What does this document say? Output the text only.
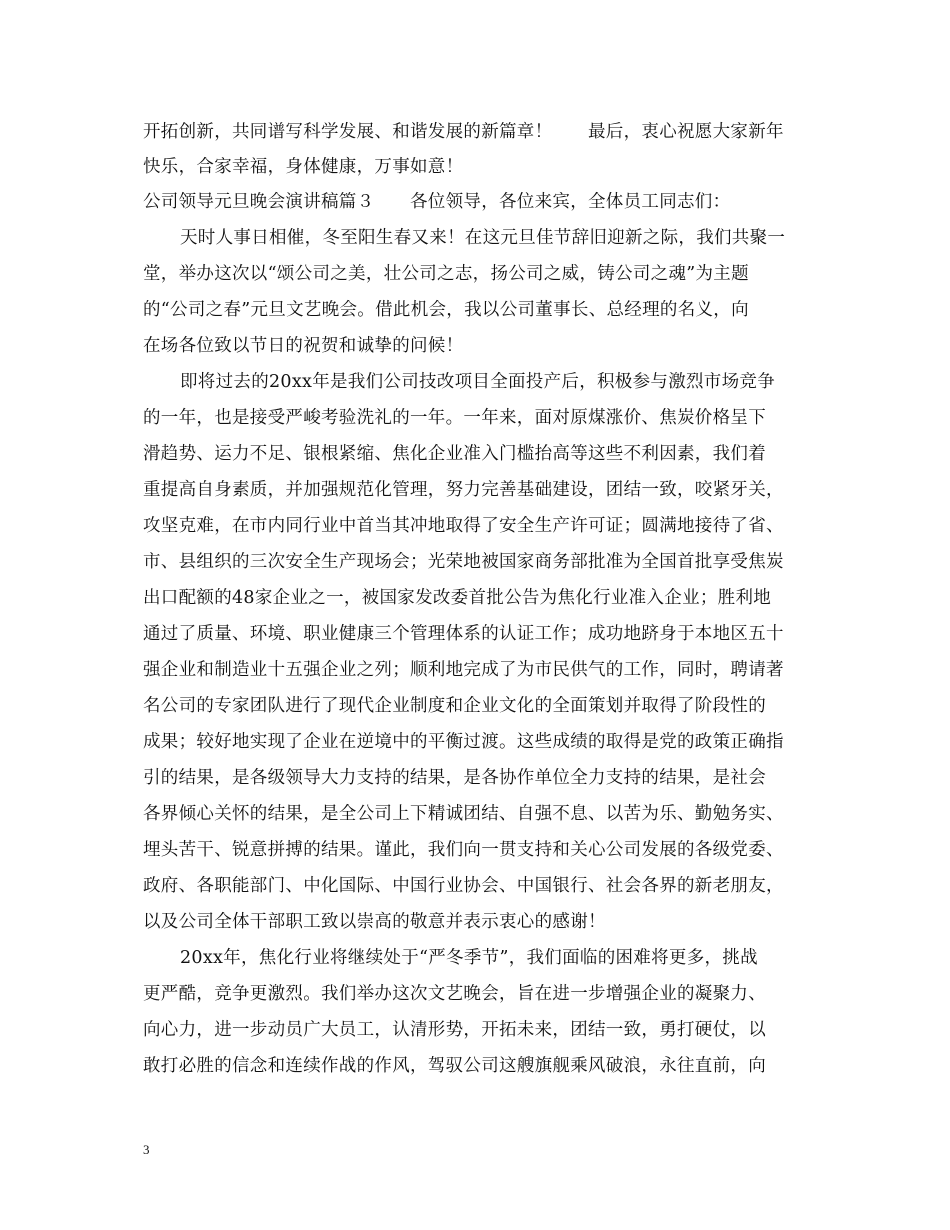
开拓创新，共同谱写科学发展、和谐发展的新篇章！　　最后，衷心祝愿大家新年
快乐，合家幸福，身体健康，万事如意！
公司领导元旦晚会演讲稿篇３　　各位领导，各位来宾，全体员工同志们：
天时人事日相催，冬至阳生春又来！在这元旦佳节辞旧迎新之际，我们共聚一
堂，举办这次以“颂公司之美，壮公司之志，扬公司之威，铸公司之魂”为主题
的“公司之春”元旦文艺晚会。借此机会，我以公司董事长、总经理的名义，向
在场各位致以节日的祝贺和诚挚的问候！
即将过去的20xx年是我们公司技改项目全面投产后，积极参与激烈市场竞争
的一年，也是接受严峻考验洗礼的一年。一年来，面对原煤涨价、焦炭价格呈下
滑趋势、运力不足、银根紧缩、焦化企业准入门槛抬高等这些不利因素，我们着
重提高自身素质，并加强规范化管理，努力完善基础建设，团结一致，咬紧牙关，
攻坚克难，在市内同行业中首当其冲地取得了安全生产许可证；圆满地接待了省、
市、县组织的三次安全生产现场会；光荣地被国家商务部批准为全国首批享受焦炭
出口配额的48家企业之一，被国家发改委首批公告为焦化行业准入企业；胜利地
通过了质量、环境、职业健康三个管理体系的认证工作；成功地跻身于本地区五十
强企业和制造业十五强企业之列；顺利地完成了为市民供气的工作，同时，聘请著
名公司的专家团队进行了现代企业制度和企业文化的全面策划并取得了阶段性的
成果；较好地实现了企业在逆境中的平衡过渡。这些成绩的取得是党的政策正确指
引的结果，是各级领导大力支持的结果，是各协作单位全力支持的结果，是社会
各界倾心关怀的结果，是全公司上下精诚团结、自强不息、以苦为乐、勤勉务实、
埋头苦干、锐意拼搏的结果。谨此，我们向一贯支持和关心公司发展的各级党委、
政府、各职能部门、中化国际、中国行业协会、中国银行、社会各界的新老朋友，
以及公司全体干部职工致以崇高的敬意并表示衷心的感谢！
20xx年，焦化行业将继续处于“严冬季节”，我们面临的困难将更多，挑战
更严酷，竞争更激烈。我们举办这次文艺晚会，旨在进一步增强企业的凝聚力、
向心力，进一步动员广大员工，认清形势，开拓未来，团结一致，勇打硬仗，以
敢打必胜的信念和连续作战的作风，驾驭公司这艘旗舰乘风破浪，永往直前，向
3
